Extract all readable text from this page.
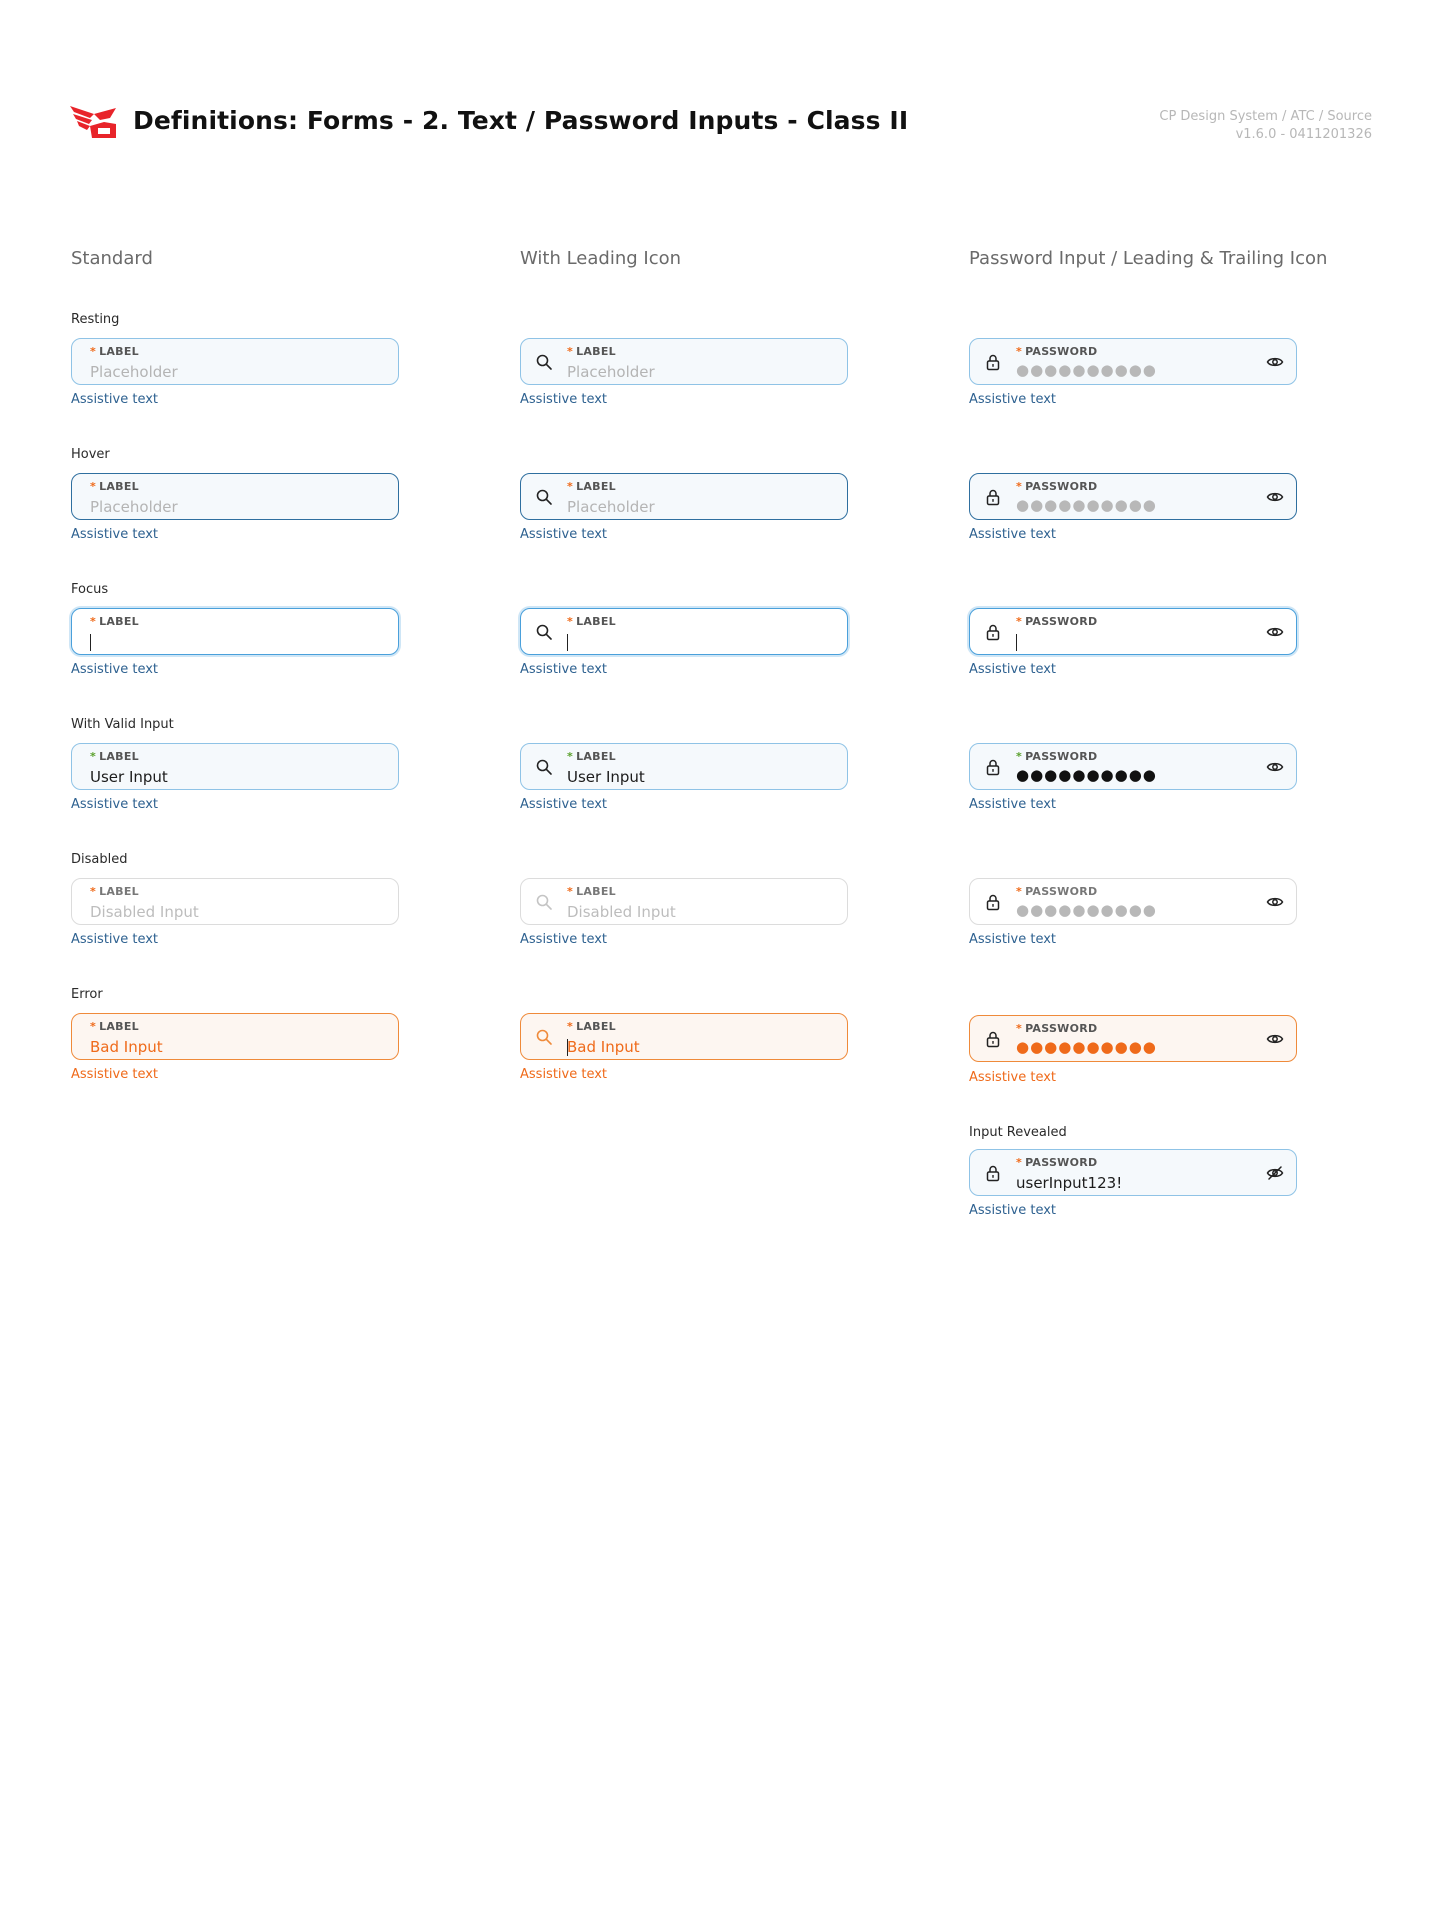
Definitions: Forms - 2. Text / Password Inputs - Class II	CP Design System / ATC / Source
v1.6.0 - 0411201326
Standard	With Leading Icon	Password Input / Leading & Trailing Icon
Resting
Hover
Focus
With Valid Input
Disabled
Error
Input Revealed
* LABEL
Placeholder
Assistive text
* LABEL
Placeholder
Assistive text
* LABEL
Assistive text
* LABEL
User Input
Assistive text
* LABEL
Disabled Input
Assistive text
* LABEL
Bad Input
Assistive text
* LABEL
Placeholder
Assistive text
* LABEL
Placeholder
Assistive text
* LABEL
Assistive text
* LABEL
User Input
Assistive text
* LABEL
Disabled Input
Assistive text
* LABEL
Bad Input
Assistive text
* PASSWORD
●●●●●●●●●●
Assistive text
* PASSWORD
●●●●●●●●●●
Assistive text
* PASSWORD
Assistive text
* PASSWORD
●●●●●●●●●●
Assistive text
* PASSWORD
●●●●●●●●●●
Assistive text
* PASSWORD
●●●●●●●●●●
Assistive text
* PASSWORD
userInput123!
Assistive text
